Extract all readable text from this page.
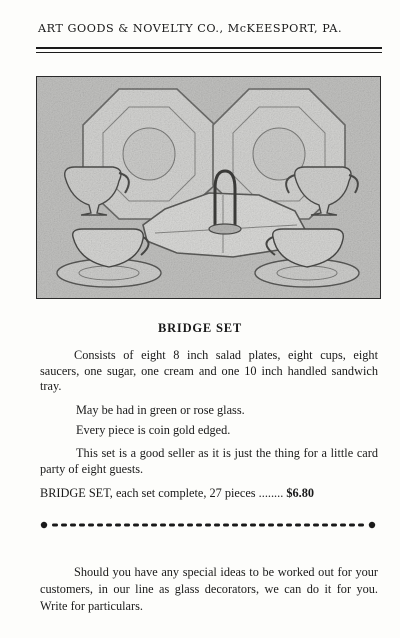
ART GOODS & NOVELTY CO., McKEESPORT, PA.
BRIDGE SET
Consists of eight 8 inch salad plates, eight cups, eight saucers, one sugar, one cream and one 10 inch handled sandwich tray.
May be had in green or rose glass.
Every piece is coin gold edged.
This set is a good seller as it is just the thing for a little card party of eight guests.
BRIDGE SET, each set complete, 27 pieces ........ $6.80
Should you have any special ideas to be worked out for your customers, in our line as glass decorators, we can do it for you. Write for particulars.
